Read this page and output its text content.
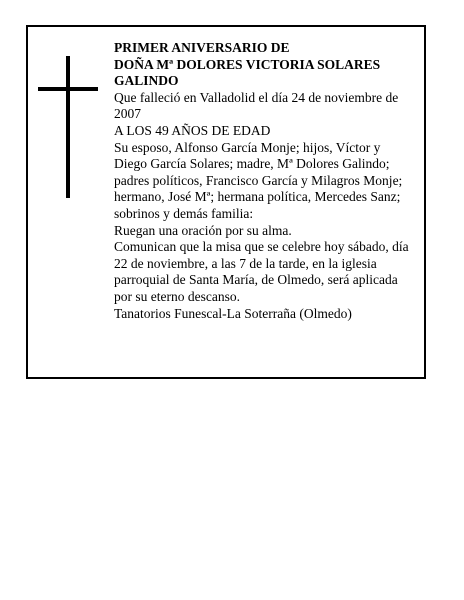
PRIMER ANIVERSARIO DE

DOÑA Mª DOLORES VICTORIA SOLARES GALINDO

Que falleció en Valladolid el día 24 de noviembre de 2007

A LOS 49 AÑOS DE EDAD

Su esposo, Alfonso García Monje; hijos, Víctor y Diego García Solares; madre, Mª Dolores Galindo; padres políticos, Francisco García y Milagros Monje; hermano, José Mª; hermana política, Mercedes Sanz; sobrinos y demás familia:

Ruegan una oración por su alma.

Comunican que la misa que se celebre hoy sábado, día 22 de noviembre, a las 7 de la tarde, en la iglesia parroquial de Santa María, de Olmedo, será aplicada por su eterno descanso.

Tanatorios Funescal-La Soterraña (Olmedo)
